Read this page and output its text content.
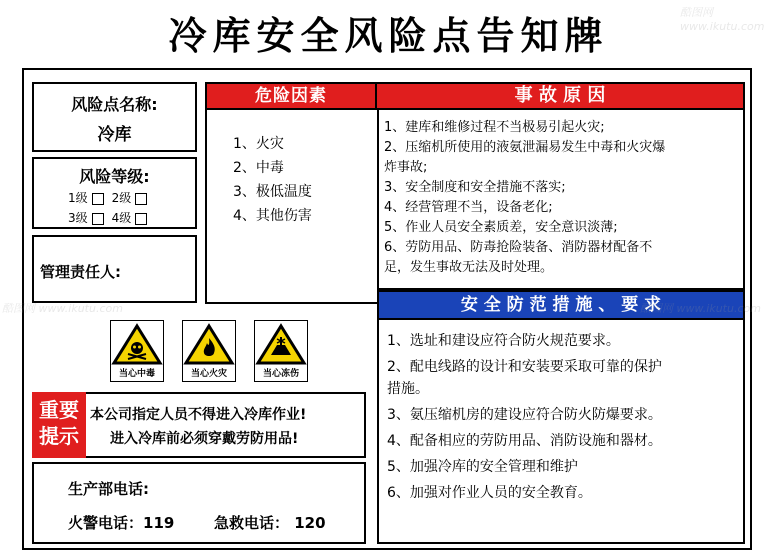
冷库安全风险点告知牌
风险点名称:
冷库
风险等级:
1级 2级
3级 4级
管理责任人:
危险因素	事 故 原 因
1、火灾
2、中毒
3、极低温度
4、其他伤害
1、建库和维修过程不当极易引起火灾;
2、压缩机所使用的液氨泄漏易发生中毒和火灾爆
炸事故;
3、安全制度和安全措施不落实;
4、经营管理不当，设备老化;
5、作业人员安全素质差，安全意识淡薄;
6、劳防用品、防毒抢险装备、消防器材配备不
足，发生事故无法及时处理。
安 全 防 范 措 施 、 要 求
1、选址和建设应符合防火规范要求。
2、配电线路的设计和安装要采取可靠的保护
措施。
3、氨压缩机房的建设应符合防火防爆要求。
4、配备相应的劳防用品、消防设施和器材。
5、加强冷库的安全管理和维护
6、加强对作业人员的安全教育。
当心中毒	当心火灾	当心冻伤
重要
提示
本公司指定人员不得进入冷库作业!
进入冷库前必须穿戴劳防用品!
生产部电话:
火警电话：119	急救电话： 120
酷图网 www.ikutu.com
酷图网 www.ikutu.com	酷图网 www.ikutu.com
